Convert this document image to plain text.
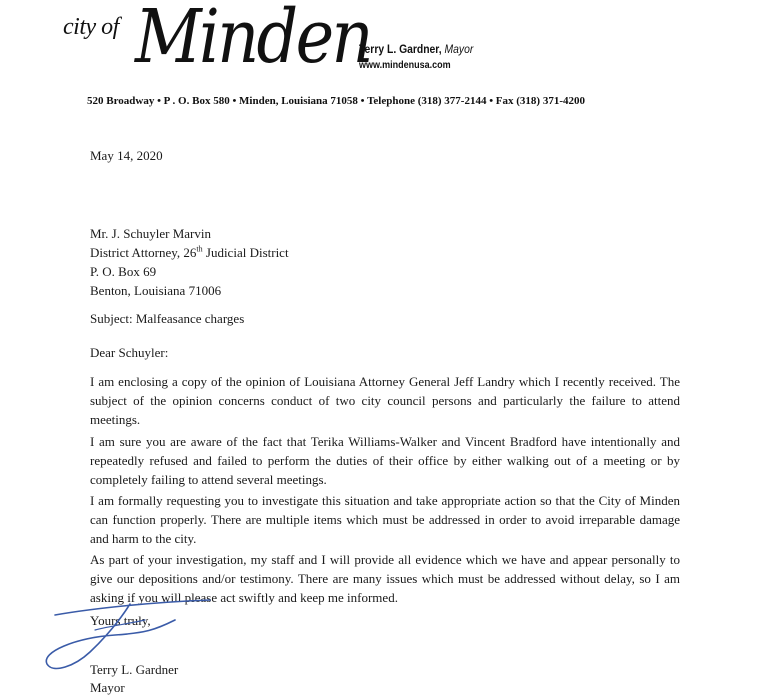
city of Minden
Terry L. Gardner, Mayor
www.mindenusa.com
520 Broadway • P . O. Box 580 • Minden, Louisiana 71058 • Telephone (318) 377-2144 • Fax (318) 371-4200
May 14, 2020
Mr. J. Schuyler Marvin
District Attorney, 26th Judicial District
P. O. Box 69
Benton, Louisiana 71006
Subject: Malfeasance charges
Dear Schuyler:
I am enclosing a copy of the opinion of Louisiana Attorney General Jeff Landry which I recently received. The subject of the opinion concerns conduct of two city council persons and particularly the failure to attend meetings.
I am sure you are aware of the fact that Terika Williams-Walker and Vincent Bradford have intentionally and repeatedly refused and failed to perform the duties of their office by either walking out of a meeting or by completely failing to attend several meetings.
I am formally requesting you to investigate this situation and take appropriate action so that the City of Minden can function properly. There are multiple items which must be addressed in order to avoid irreparable damage and harm to the city.
As part of your investigation, my staff and I will provide all evidence which we have and appear personally to give our depositions and/or testimony. There are many issues which must be addressed without delay, so I am asking if you will please act swiftly and keep me informed.
Yours truly,
Terry L. Gardner
Mayor
